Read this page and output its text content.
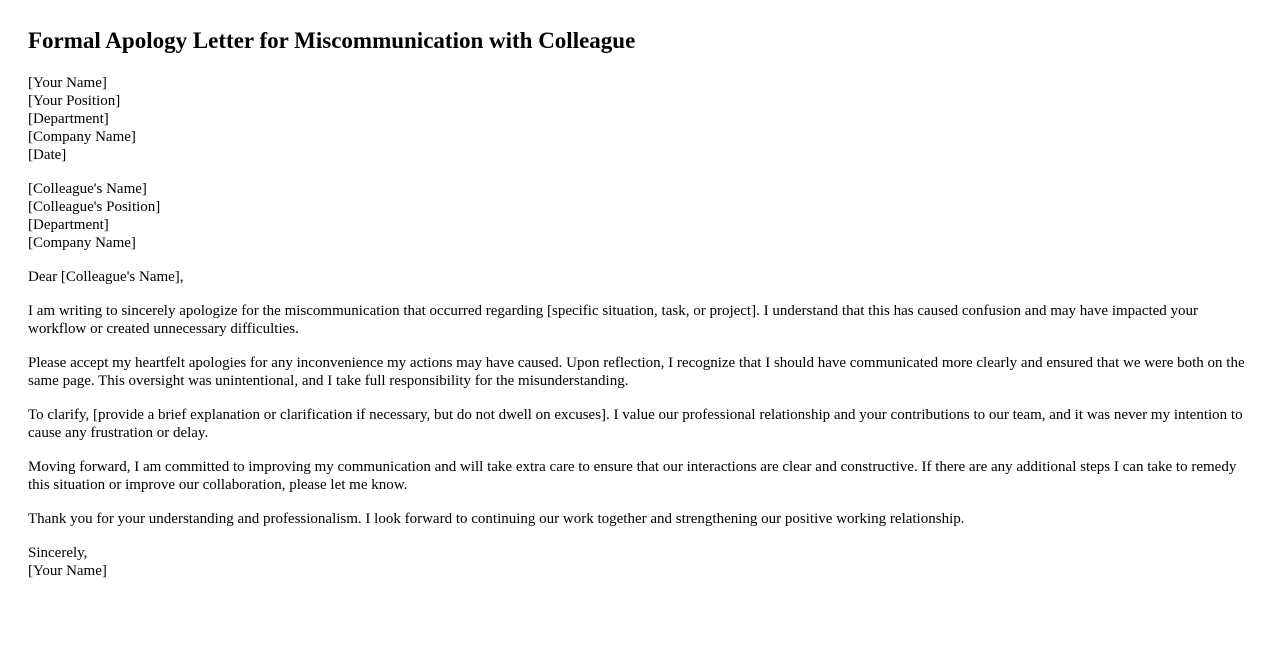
Formal Apology Letter for Miscommunication with Colleague
[Your Name]
[Your Position]
[Department]
[Company Name]
[Date]
[Colleague's Name]
[Colleague's Position]
[Department]
[Company Name]

Dear [Colleague's Name],

I am writing to sincerely apologize for the miscommunication that occurred regarding [specific situation, task, or project]. I understand that this has caused confusion and may have impacted your workflow or created unnecessary difficulties.

Please accept my heartfelt apologies for any inconvenience my actions may have caused. Upon reflection, I recognize that I should have communicated more clearly and ensured that we were both on the same page. This oversight was unintentional, and I take full responsibility for the misunderstanding.

To clarify, [provide a brief explanation or clarification if necessary, but do not dwell on excuses]. I value our professional relationship and your contributions to our team, and it was never my intention to cause any frustration or delay.

Moving forward, I am committed to improving my communication and will take extra care to ensure that our interactions are clear and constructive. If there are any additional steps I can take to remedy this situation or improve our collaboration, please let me know.

Thank you for your understanding and professionalism. I look forward to continuing our work together and strengthening our positive working relationship.

Sincerely,
[Your Name]
